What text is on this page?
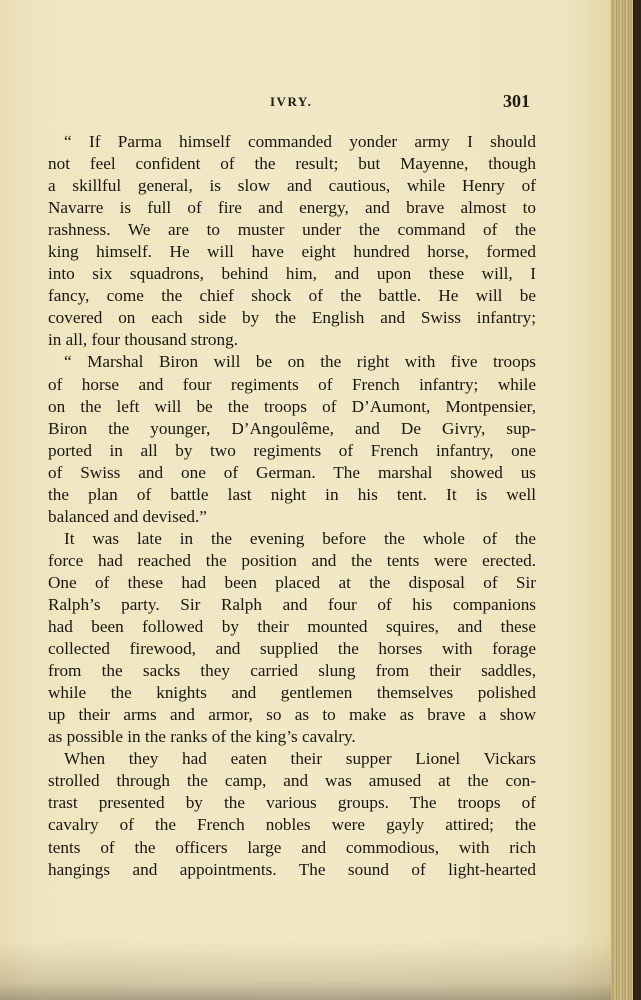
IVRY.	301
“ If Parma himself commanded yonder army I should
not feel confident of the result; but Mayenne, though
a skillful general, is slow and cautious, while Henry of
Navarre is full of fire and energy, and brave almost to
rashness. We are to muster under the command of the
king himself. He will have eight hundred horse, formed
into six squadrons, behind him, and upon these will, I
fancy, come the chief shock of the battle. He will be
covered on each side by the English and Swiss infantry;
in all, four thousand strong.
“ Marshal Biron will be on the right with five troops
of horse and four regiments of French infantry; while
on the left will be the troops of D’Aumont, Montpensier,
Biron the younger, D’Angoulême, and De Givry, sup-
ported in all by two regiments of French infantry, one
of Swiss and one of German. The marshal showed us
the plan of battle last night in his tent. It is well
balanced and devised.”
It was late in the evening before the whole of the
force had reached the position and the tents were erected.
One of these had been placed at the disposal of Sir
Ralph’s party. Sir Ralph and four of his companions
had been followed by their mounted squires, and these
collected firewood, and supplied the horses with forage
from the sacks they carried slung from their saddles,
while the knights and gentlemen themselves polished
up their arms and armor, so as to make as brave a show
as possible in the ranks of the king’s cavalry.
When they had eaten their supper Lionel Vickars
strolled through the camp, and was amused at the con-
trast presented by the various groups. The troops of
cavalry of the French nobles were gayly attired; the
tents of the officers large and commodious, with rich
hangings and appointments. The sound of light-hearted
